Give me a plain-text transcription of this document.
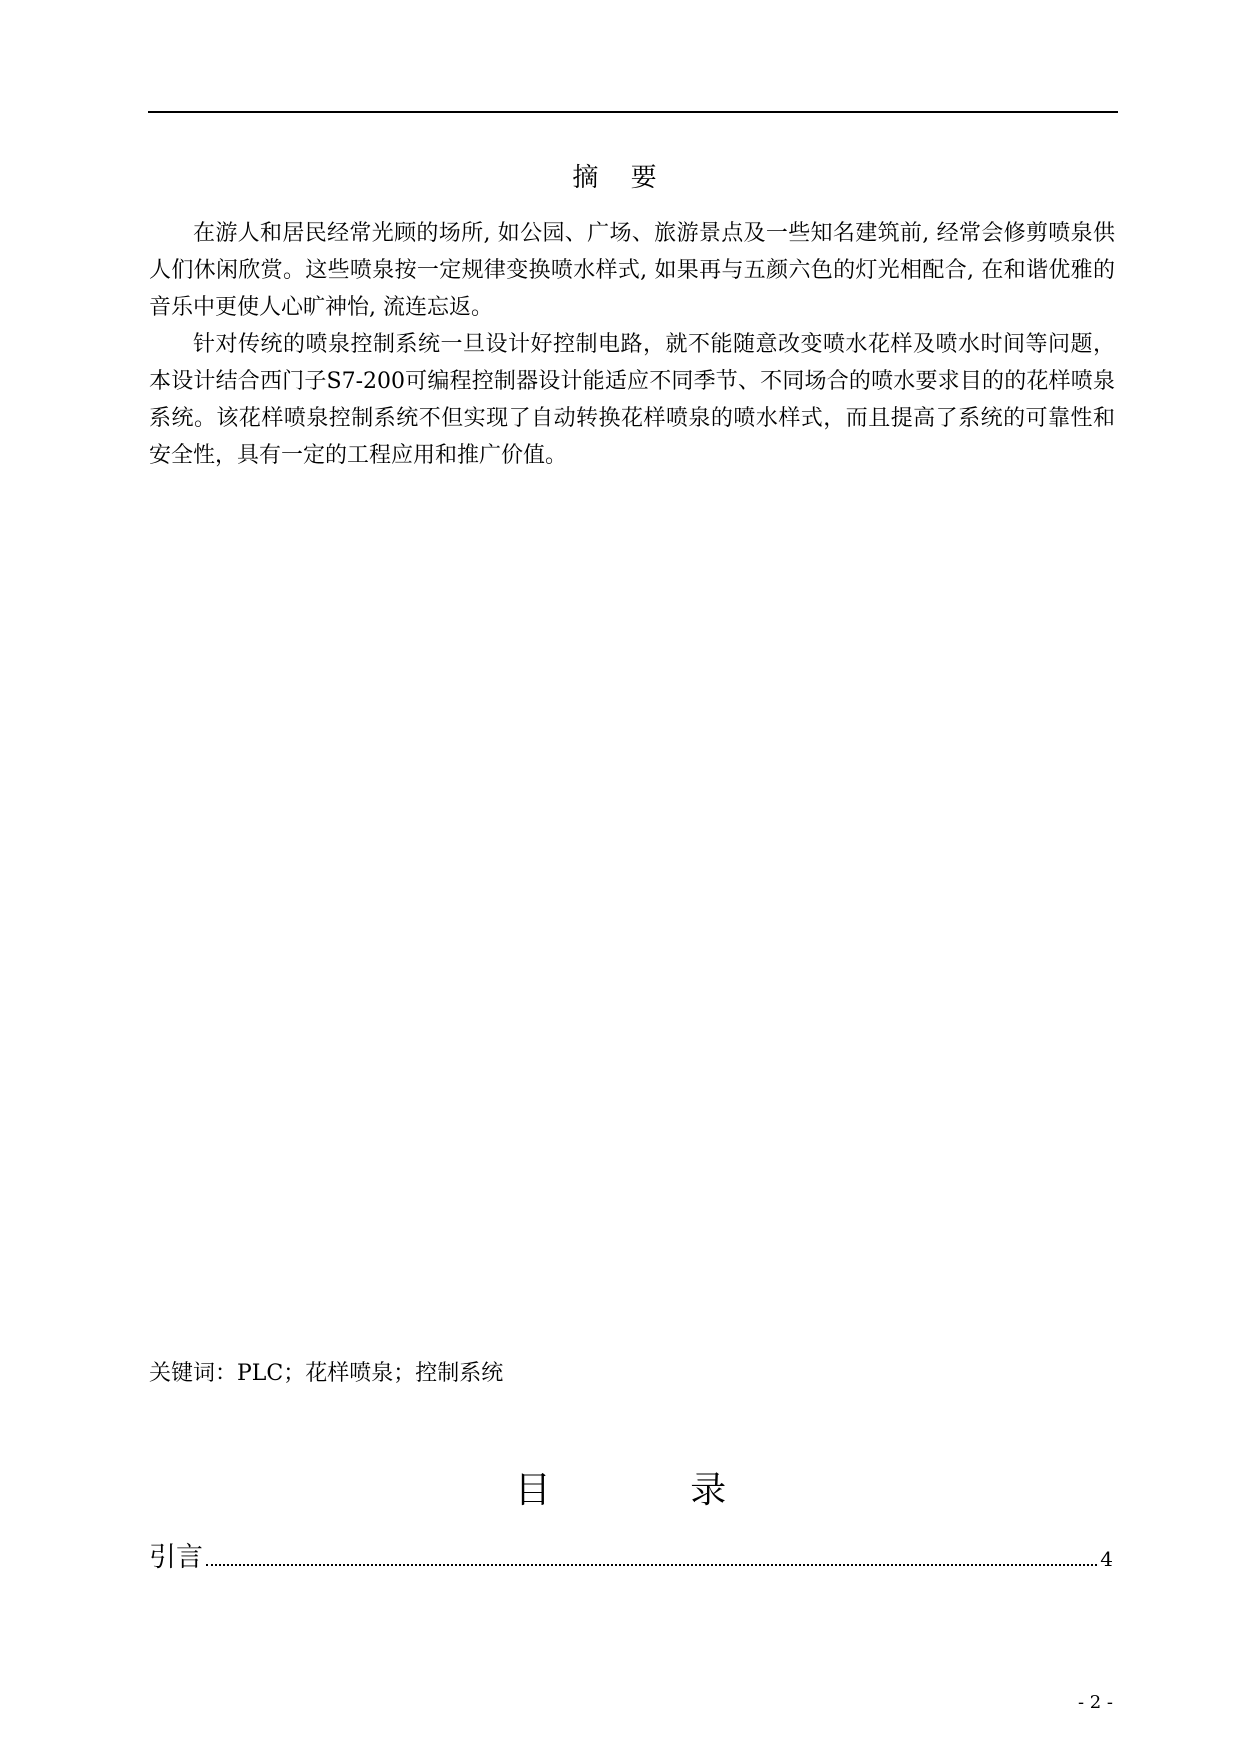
摘 要

在游人和居民经常光顾的场所, 如公园、广场、旅游景点及一些知名建筑前, 经常会修剪喷泉供人们休闲欣赏。这些喷泉按一定规律变换喷水样式, 如果再与五颜六色的灯光相配合, 在和谐优雅的音乐中更使人心旷神怡, 流连忘返。

针对传统的喷泉控制系统一旦设计好控制电路，就不能随意改变喷水花样及喷水时间等问题，本设计结合西门子S7-200可编程控制器设计能适应不同季节、不同场合的喷水要求目的的花样喷泉系统。该花样喷泉控制系统不但实现了自动转换花样喷泉的喷水样式，而且提高了系统的可靠性和安全性，具有一定的工程应用和推广价值。

关键词：PLC；花样喷泉；控制系统
目 录
引言	4
- 2 -
